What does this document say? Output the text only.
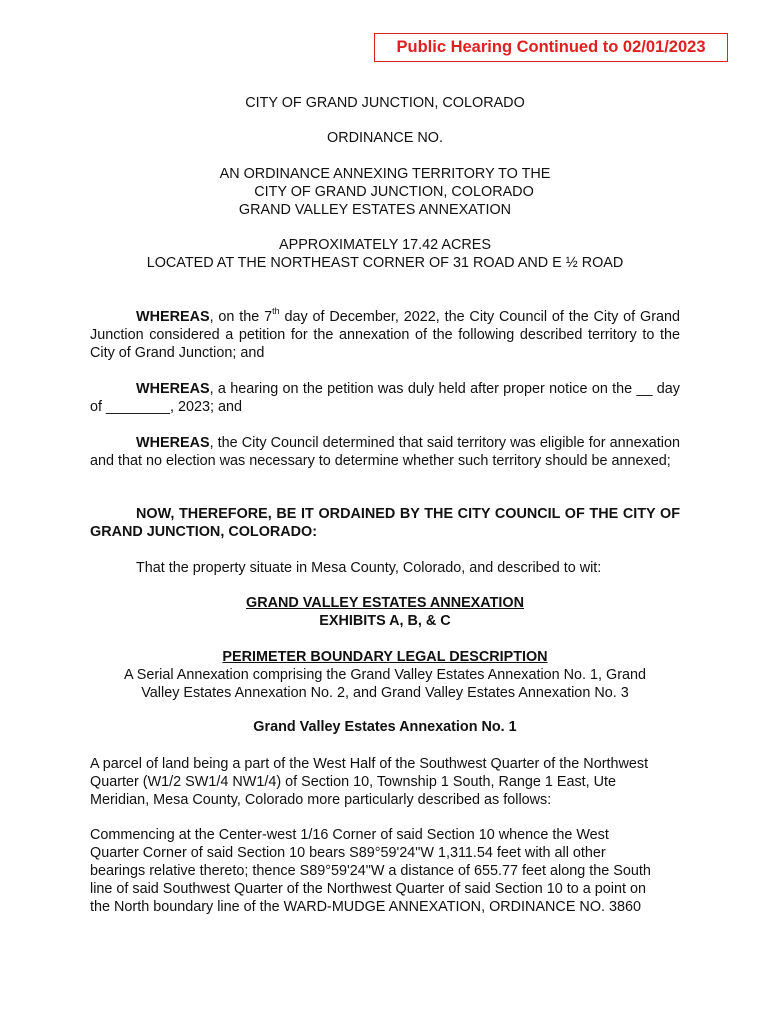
Public Hearing Continued to 02/01/2023
CITY OF GRAND JUNCTION, COLORADO
ORDINANCE NO.
AN ORDINANCE ANNEXING TERRITORY TO THE
CITY OF GRAND JUNCTION, COLORADO
GRAND VALLEY ESTATES ANNEXATION
APPROXIMATELY 17.42 ACRES
LOCATED AT THE NORTHEAST CORNER OF 31 ROAD AND E ½ ROAD
WHEREAS, on the 7th day of December, 2022, the City Council of the City of Grand Junction considered a petition for the annexation of the following described territory to the City of Grand Junction; and
WHEREAS, a hearing on the petition was duly held after proper notice on the __ day of ________, 2023; and
WHEREAS, the City Council determined that said territory was eligible for annexation and that no election was necessary to determine whether such territory should be annexed;
NOW, THEREFORE, BE IT ORDAINED BY THE CITY COUNCIL OF THE CITY OF GRAND JUNCTION, COLORADO:
That the property situate in Mesa County, Colorado, and described to wit:
GRAND VALLEY ESTATES ANNEXATION
EXHIBITS A, B, & C
PERIMETER BOUNDARY LEGAL DESCRIPTION
A Serial Annexation comprising the Grand Valley Estates Annexation No. 1, Grand
Valley Estates Annexation No. 2, and Grand Valley Estates Annexation No. 3
Grand Valley Estates Annexation No. 1
A parcel of land being a part of the West Half of the Southwest Quarter of the Northwest
Quarter (W1/2 SW1/4 NW1/4) of Section 10, Township 1 South, Range 1 East, Ute
Meridian, Mesa County, Colorado more particularly described as follows:
Commencing at the Center-west 1/16 Corner of said Section 10 whence the West
Quarter Corner of said Section 10 bears S89°59'24"W 1,311.54 feet with all other
bearings relative thereto; thence S89°59'24"W a distance of 655.77 feet along the South
line of said Southwest Quarter of the Northwest Quarter of said Section 10 to a point on
the North boundary line of the WARD-MUDGE ANNEXATION, ORDINANCE NO. 3860
